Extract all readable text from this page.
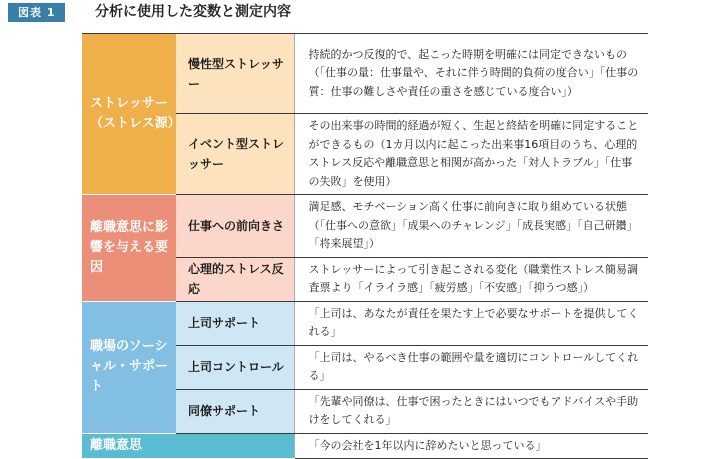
図表 1	分析に使用した変数と測定内容
ストレッサー（ストレス源）	慢性型ストレッサー	持続的かつ反復的で、起こった時期を明確には同定できないもの（「仕事の量：仕事量や、それに伴う時間的負荷の度合い」「仕事の質：仕事の難しさや責任の重さを感じている度合い」）
	イベント型ストレッサー	その出来事の時間的経過が短く、生起と終結を明確に同定することができるもの（1カ月以内に起こった出来事16項目のうち、心理的ストレス反応や離職意思と相関が高かった「対人トラブル」「仕事の失敗」を使用）
離職意思に影響を与える要因	仕事への前向きさ	満足感、モチベーション高く仕事に前向きに取り組めている状態（「仕事への意欲」「成果へのチャレンジ」「成長実感」「自己研鑽」「将来展望」）
	心理的ストレス反応	ストレッサーによって引き起こされる変化（職業性ストレス簡易調査票より「イライラ感」「疲労感」「不安感」「抑うつ感」）
職場のソーシャル・サポート	上司サポート	「上司は、あなたが責任を果たす上で必要なサポートを提供してくれる」
	上司コントロール	「上司は、やるべき仕事の範囲や量を適切にコントロールしてくれる」
	同僚サポート	「先輩や同僚は、仕事で困ったときにはいつでもアドバイスや手助けをしてくれる」
離職意思		「今の会社を1年以内に辞めたいと思っている」
